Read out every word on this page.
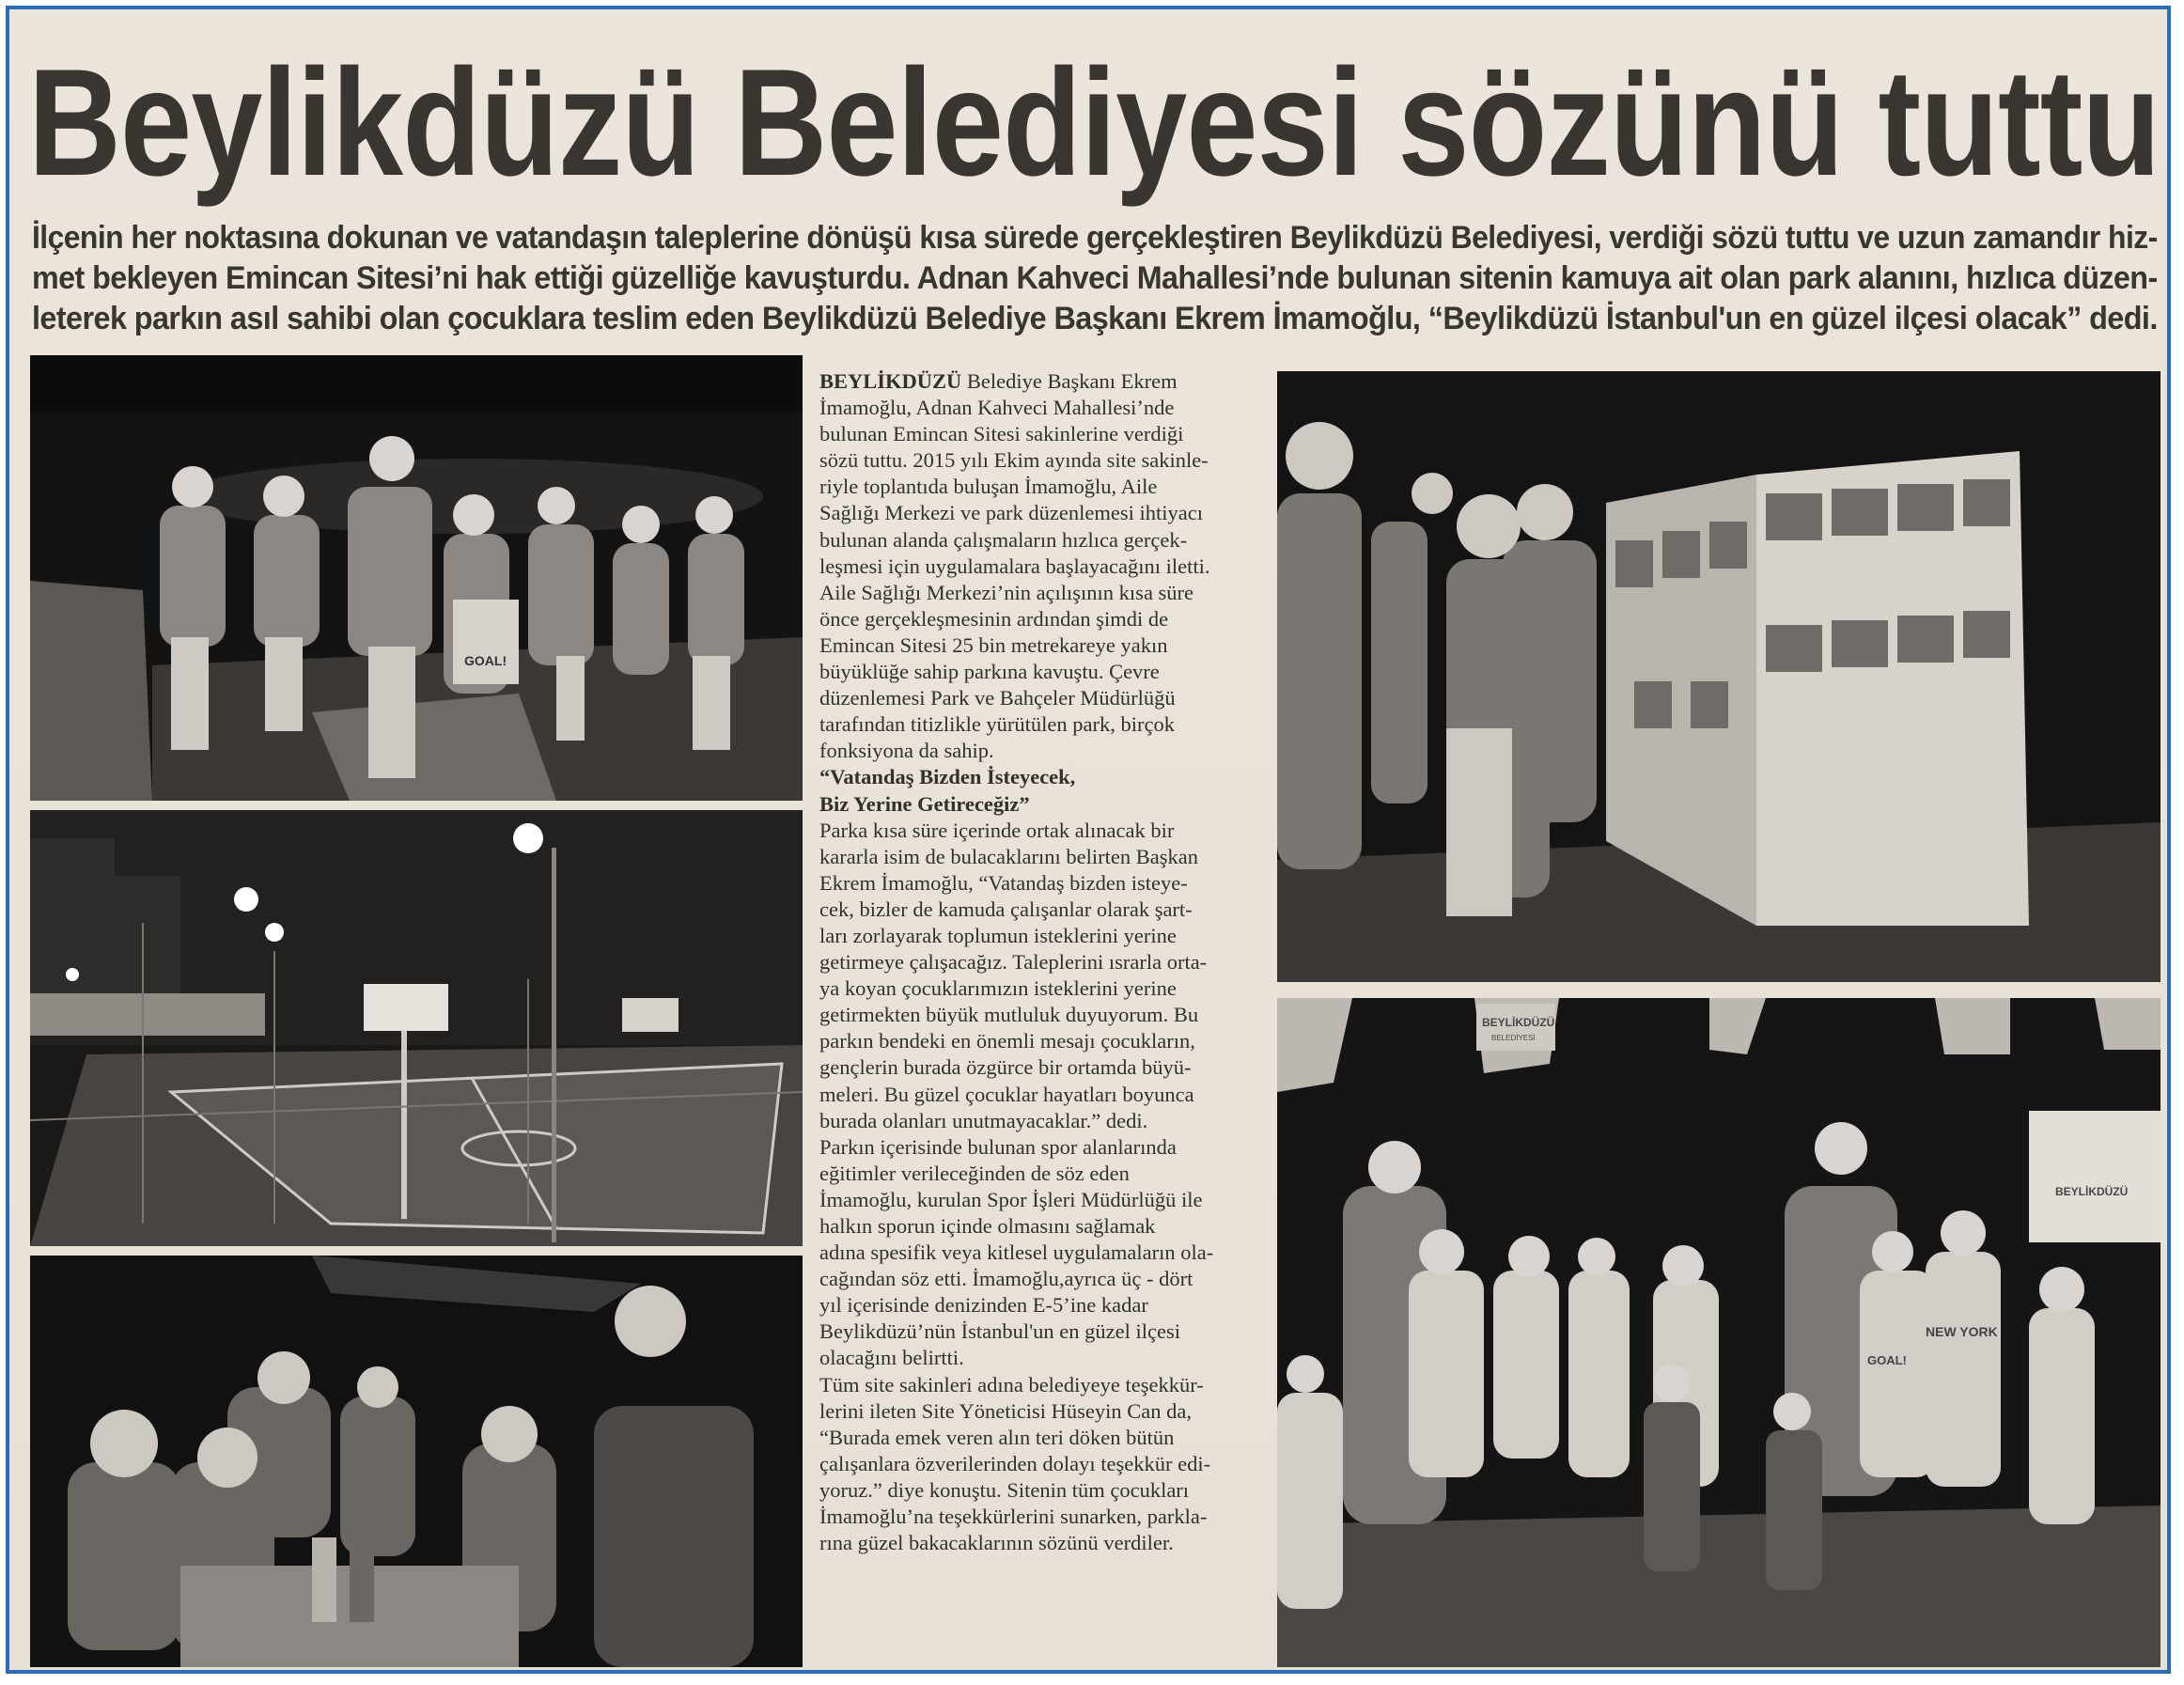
Beylikdüzü Belediyesi sözünü tuttu
İlçenin her noktasına dokunan ve vatandaşın taleplerine dönüşü kısa sürede gerçekleştiren Beylikdüzü Belediyesi, verdiği sözü tuttu ve uzun zamandır hiz-
met bekleyen Emincan Sitesi’ni hak ettiği güzelliğe kavuşturdu. Adnan Kahveci Mahallesi’nde bulunan sitenin kamuya ait olan park alanını, hızlıca düzen-
leterek parkın asıl sahibi olan çocuklara teslim eden Beylikdüzü Belediye Başkanı Ekrem İmamoğlu, “Beylikdüzü İstanbul'un en güzel ilçesi olacak” dedi.
GOAL!
BEYLİKDÜZÜ
BELEDİYESİ
BEYLİKDÜZÜ
NEW YORK
GOAL!
BEYLİKDÜZÜ Belediye Başkanı Ekrem
İmamoğlu, Adnan Kahveci Mahallesi’nde
bulunan Emincan Sitesi sakinlerine verdiği
sözü tuttu. 2015 yılı Ekim ayında site sakinle-
riyle toplantıda buluşan İmamoğlu, Aile
Sağlığı Merkezi ve park düzenlemesi ihtiyacı
bulunan alanda çalışmaların hızlıca gerçek-
leşmesi için uygulamalara başlayacağını iletti.
Aile Sağlığı Merkezi’nin açılışının kısa süre
önce gerçekleşmesinin ardından şimdi de
Emincan Sitesi 25 bin metrekareye yakın
büyüklüğe sahip parkına kavuştu. Çevre
düzenlemesi Park ve Bahçeler Müdürlüğü
tarafından titizlikle yürütülen park, birçok
fonksiyona da sahip.
“Vatandaş Bizden İsteyecek,
Biz Yerine Getireceğiz”
Parka kısa süre içerinde ortak alınacak bir
kararla isim de bulacaklarını belirten Başkan
Ekrem İmamoğlu, “Vatandaş bizden isteye-
cek, bizler de kamuda çalışanlar olarak şart-
ları zorlayarak toplumun isteklerini yerine
getirmeye çalışacağız. Taleplerini ısrarla orta-
ya koyan çocuklarımızın isteklerini yerine
getirmekten büyük mutluluk duyuyorum. Bu
parkın bendeki en önemli mesajı çocukların,
gençlerin burada özgürce bir ortamda büyü-
meleri. Bu güzel çocuklar hayatları boyunca
burada olanları unutmayacaklar.” dedi.
Parkın içerisinde bulunan spor alanlarında
eğitimler verileceğinden de söz eden
İmamoğlu, kurulan Spor İşleri Müdürlüğü ile
halkın sporun içinde olmasını sağlamak
adına spesifik veya kitlesel uygulamaların ola-
cağından söz etti. İmamoğlu,ayrıca üç - dört
yıl içerisinde denizinden E-5’ine kadar
Beylikdüzü’nün İstanbul'un en güzel ilçesi
olacağını belirtti.
Tüm site sakinleri adına belediyeye teşekkür-
lerini ileten Site Yöneticisi Hüseyin Can da,
“Burada emek veren alın teri döken bütün
çalışanlara özverilerinden dolayı teşekkür edi-
yoruz.” diye konuştu. Sitenin tüm çocukları
İmamoğlu’na teşekkürlerini sunarken, parkla-
rına güzel bakacaklarının sözünü verdiler.
